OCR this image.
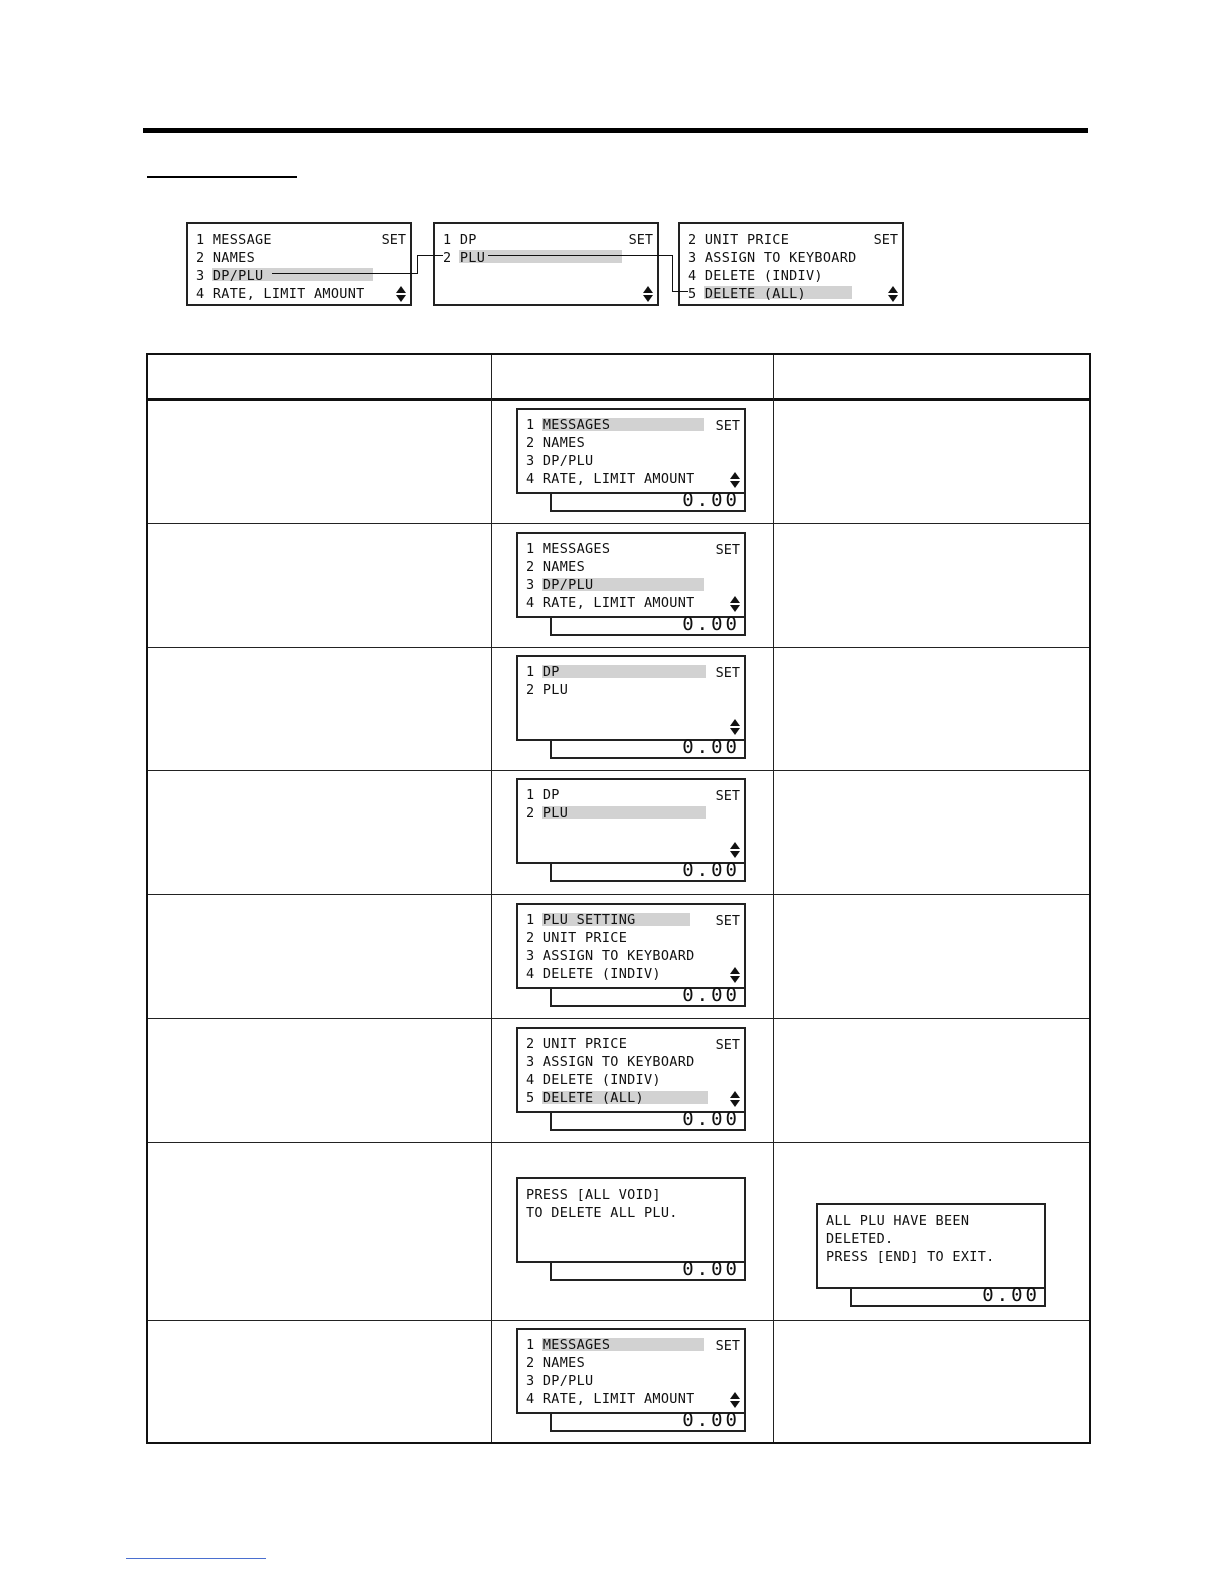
1 MESSAGE
2 NAMES
3 DP/PLU
4 RATE, LIMIT AMOUNT
SET	1 DP
2 PLU
SET	2 UNIT PRICE
3 ASSIGN TO KEYBOARD
4 DELETE (INDIV)
5 DELETE (ALL)
SET
1 MESSAGES
2 NAMES
3 DP/PLU
4 RATE, LIMIT AMOUNT
SET
0.00
1 MESSAGES
2 NAMES
3 DP/PLU
4 RATE, LIMIT AMOUNT
SET
0.00
1 DP
2 PLU
SET
0.00
1 DP
2 PLU
SET
0.00
1 PLU SETTING
2 UNIT PRICE
3 ASSIGN TO KEYBOARD
4 DELETE (INDIV)
SET
0.00
2 UNIT PRICE
3 ASSIGN TO KEYBOARD
4 DELETE (INDIV)
5 DELETE (ALL)
SET
0.00
PRESS [ALL VOID]
TO DELETE ALL PLU.
0.00
ALL PLU HAVE BEEN
DELETED.
PRESS [END] TO EXIT.
0.00
1 MESSAGES
2 NAMES
3 DP/PLU
4 RATE, LIMIT AMOUNT
SET
0.00
